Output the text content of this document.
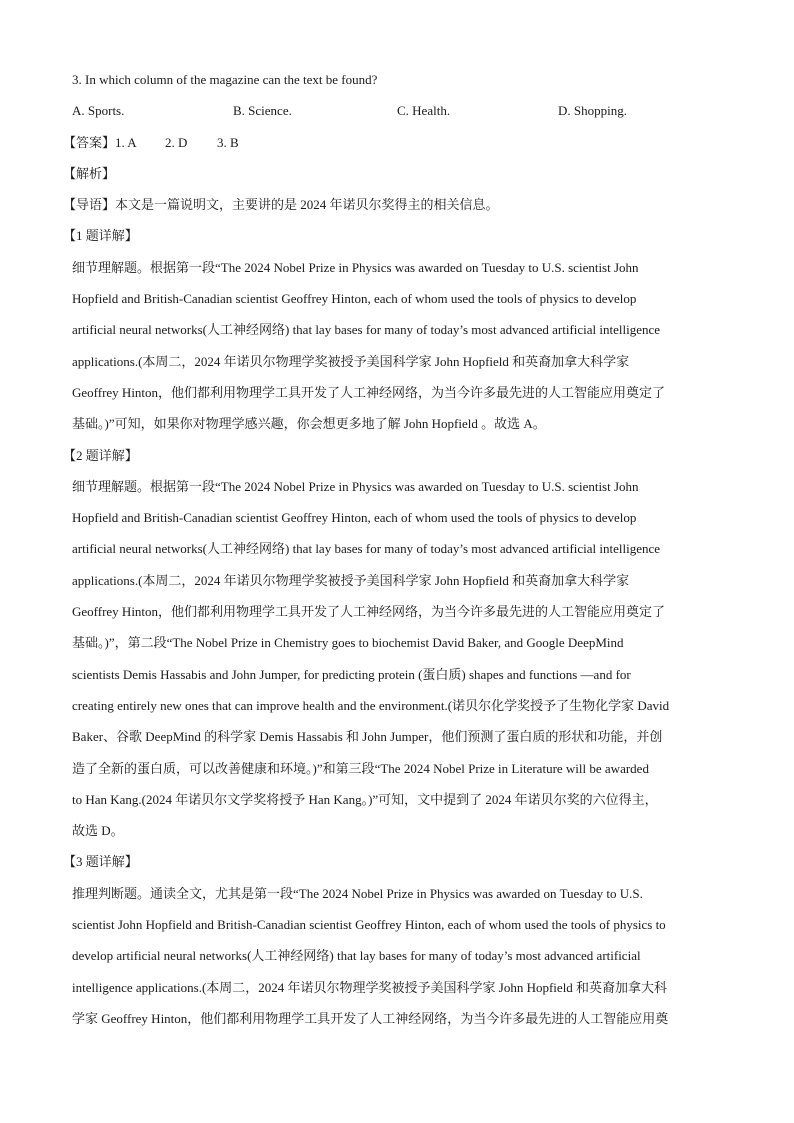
3. In which column of the magazine can the text be found?
A. Sports.	B. Science.	C. Health.	D. Shopping.
【答案】1. A 2. D 3. B
【解析】
【导语】本文是一篇说明文，主要讲的是 2024 年诺贝尔奖得主的相关信息。
【1 题详解】
细节理解题。根据第一段“The 2024 Nobel Prize in Physics was awarded on Tuesday to U.S. scientist John
Hopfield and British-Canadian scientist Geoffrey Hinton, each of whom used the tools of physics to develop
artificial neural networks(人工神经网络) that lay bases for many of today’s most advanced artificial intelligence
applications.(本周二，2024 年诺贝尔物理学奖被授予美国科学家 John Hopfield 和英裔加拿大科学家
Geoffrey Hinton，他们都利用物理学工具开发了人工神经网络，为当今许多最先进的人工智能应用奠定了
基础。)”可知，如果你对物理学感兴趣，你会想更多地了解 John Hopfield 。故选 A。
【2 题详解】
细节理解题。根据第一段“The 2024 Nobel Prize in Physics was awarded on Tuesday to U.S. scientist John
Hopfield and British-Canadian scientist Geoffrey Hinton, each of whom used the tools of physics to develop
artificial neural networks(人工神经网络) that lay bases for many of today’s most advanced artificial intelligence
applications.(本周二，2024 年诺贝尔物理学奖被授予美国科学家 John Hopfield 和英裔加拿大科学家
Geoffrey Hinton，他们都利用物理学工具开发了人工神经网络，为当今许多最先进的人工智能应用奠定了
基础。)”，第二段“The Nobel Prize in Chemistry goes to biochemist David Baker, and Google DeepMind
scientists Demis Hassabis and John Jumper, for predicting protein (蛋白质) shapes and functions —and for
creating entirely new ones that can improve health and the environment.(诺贝尔化学奖授予了生物化学家 David
Baker、谷歌 DeepMind 的科学家 Demis Hassabis 和 John Jumper，他们预测了蛋白质的形状和功能，并创
造了全新的蛋白质，可以改善健康和环境。)”和第三段“The 2024 Nobel Prize in Literature will be awarded
to Han Kang.(2024 年诺贝尔文学奖将授予 Han Kang。)”可知，文中提到了 2024 年诺贝尔奖的六位得主，
故选 D。
【3 题详解】
推理判断题。通读全文，尤其是第一段“The 2024 Nobel Prize in Physics was awarded on Tuesday to U.S.
scientist John Hopfield and British-Canadian scientist Geoffrey Hinton, each of whom used the tools of physics to
develop artificial neural networks(人工神经网络) that lay bases for many of today’s most advanced artificial
intelligence applications.(本周二，2024 年诺贝尔物理学奖被授予美国科学家 John Hopfield 和英裔加拿大科
学家 Geoffrey Hinton，他们都利用物理学工具开发了人工神经网络，为当今许多最先进的人工智能应用奠
